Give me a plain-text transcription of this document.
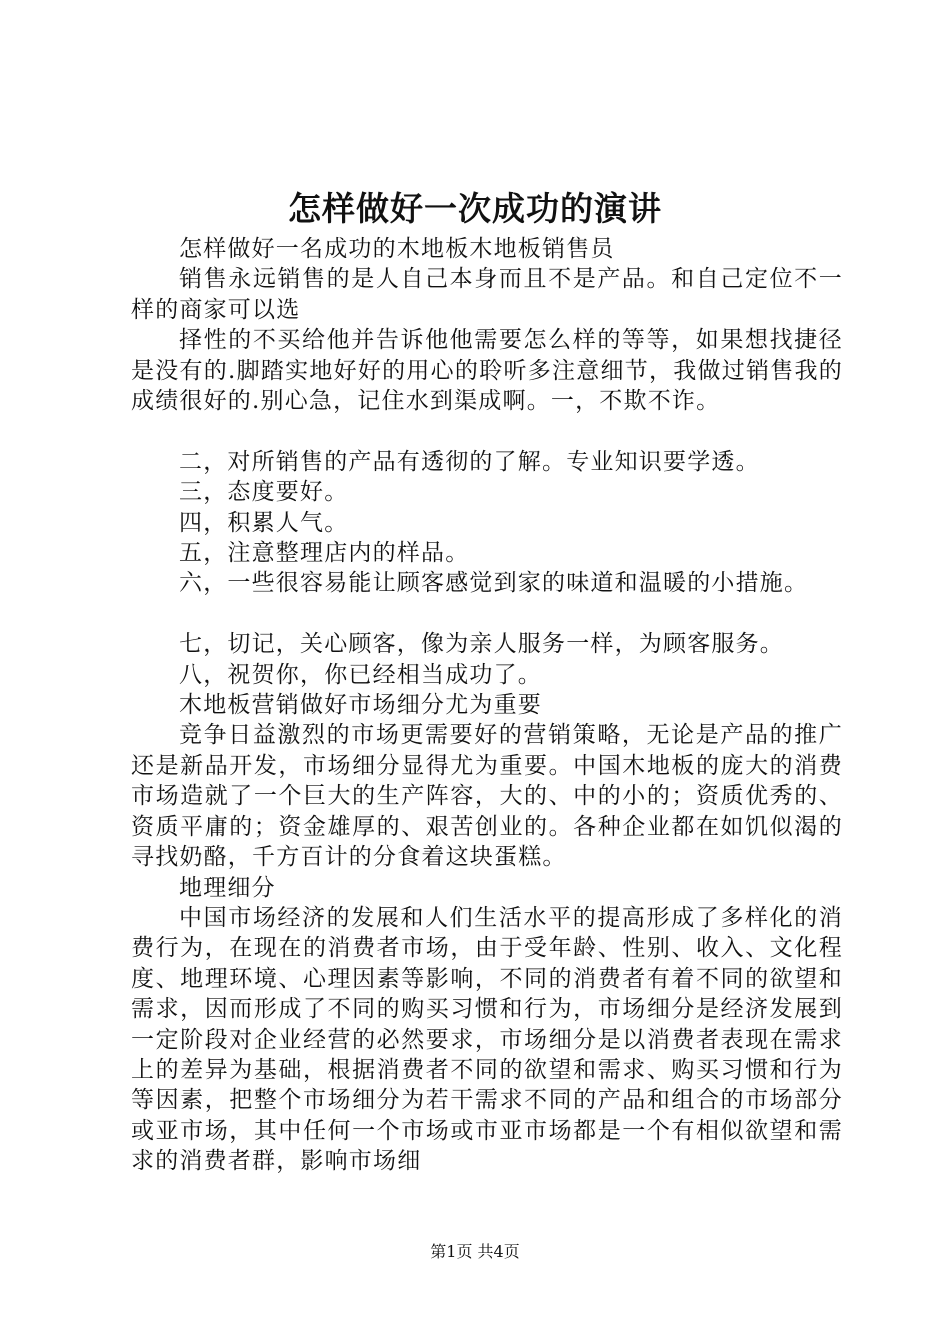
怎样做好一次成功的演讲

怎样做好一名成功的木地板木地板销售员

销售永远销售的是人自己本身而且不是产品。和自己定位不一样的商家可以选

择性的不买给他并告诉他他需要怎么样的等等，如果想找捷径是没有的.脚踏实地好好的用心的聆听多注意细节，我做过销售我的成绩很好的.别心急，记住水到渠成啊。一，不欺不诈。

二，对所销售的产品有透彻的了解。专业知识要学透。

三，态度要好。

四，积累人气。

五，注意整理店内的样品。

六，一些很容易能让顾客感觉到家的味道和温暖的小措施。

七，切记，关心顾客，像为亲人服务一样，为顾客服务。

八，祝贺你，你已经相当成功了。

木地板营销做好市场细分尤为重要

竞争日益激烈的市场更需要好的营销策略，无论是产品的推广还是新品开发，市场细分显得尤为重要。中国木地板的庞大的消费市场造就了一个巨大的生产阵容，大的、中的小的；资质优秀的、资质平庸的；资金雄厚的、艰苦创业的。各种企业都在如饥似渴的寻找奶酪，千方百计的分食着这块蛋糕。

地理细分

中国市场经济的发展和人们生活水平的提高形成了多样化的消费行为，在现在的消费者市场，由于受年龄、性别、收入、文化程度、地理环境、心理因素等影响，不同的消费者有着不同的欲望和需求，因而形成了不同的购买习惯和行为，市场细分是经济发展到一定阶段对企业经营的必然要求，市场细分是以消费者表现在需求上的差异为基础，根据消费者不同的欲望和需求、购买习惯和行为等因素，把整个市场细分为若干需求不同的产品和组合的市场部分或亚市场，其中任何一个市场或市亚市场都是一个有相似欲望和需求的消费者群，影响市场细

第1页 共4页
